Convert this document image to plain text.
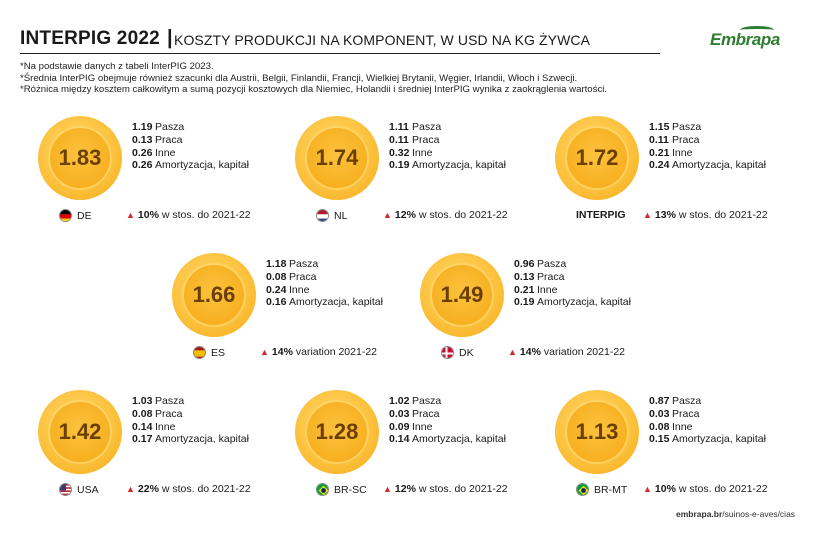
INTERPIG 2022 | KOSZTY PRODUKCJI NA KOMPONENT, W USD NA KG ŻYWCA	Embrapa
*Na podstawie danych z tabeli InterPIG 2023.
*Średnia InterPIG obejmuje również szacunki dla Austrii, Belgii, Finlandii, Francji, Wielkiej Brytanii, Węgier, Irlandii, Włoch i Szwecji.
*Różnica między kosztem całkowitym a sumą pozycji kosztowych dla Niemiec, Holandii i średniej InterPIG wynika z zaokrąglenia wartości.
1.83
1.19 Pasza
0.13 Praca
0.26 Inne
0.26 Amortyzacja, kapitał
DE	▲ 10% w stos. do 2021-22
1.74
1.11 Pasza
0.11 Praca
0.32 Inne
0.19 Amortyzacja, kapitał
NL	▲ 12% w stos. do 2021-22
1.72
1.15 Pasza
0.11 Praca
0.21 Inne
0.24 Amortyzacja, kapitał
INTERPIG ▲ 13% w stos. do 2021-22
1.66
1.18 Pasza
0.08 Praca
0.24 Inne
0.16 Amortyzacja, kapitał
ES	▲ 14% variation 2021-22
1.49
0.96 Pasza
0.13 Praca
0.21 Inne
0.19 Amortyzacja, kapitał
DK	▲ 14% variation 2021-22
1.42
1.03 Pasza
0.08 Praca
0.14 Inne
0.17 Amortyzacja, kapitał
USA	▲ 22% w stos. do 2021-22
1.28
1.02 Pasza
0.03 Praca
0.09 Inne
0.14 Amortyzacja, kapitał
BR-SC ▲ 12% w stos. do 2021-22
1.13
0.87 Pasza
0.03 Praca
0.08 Inne
0.15 Amortyzacja, kapitał
BR-MT ▲ 10% w stos. do 2021-22
embrapa.br/suinos-e-aves/cias
